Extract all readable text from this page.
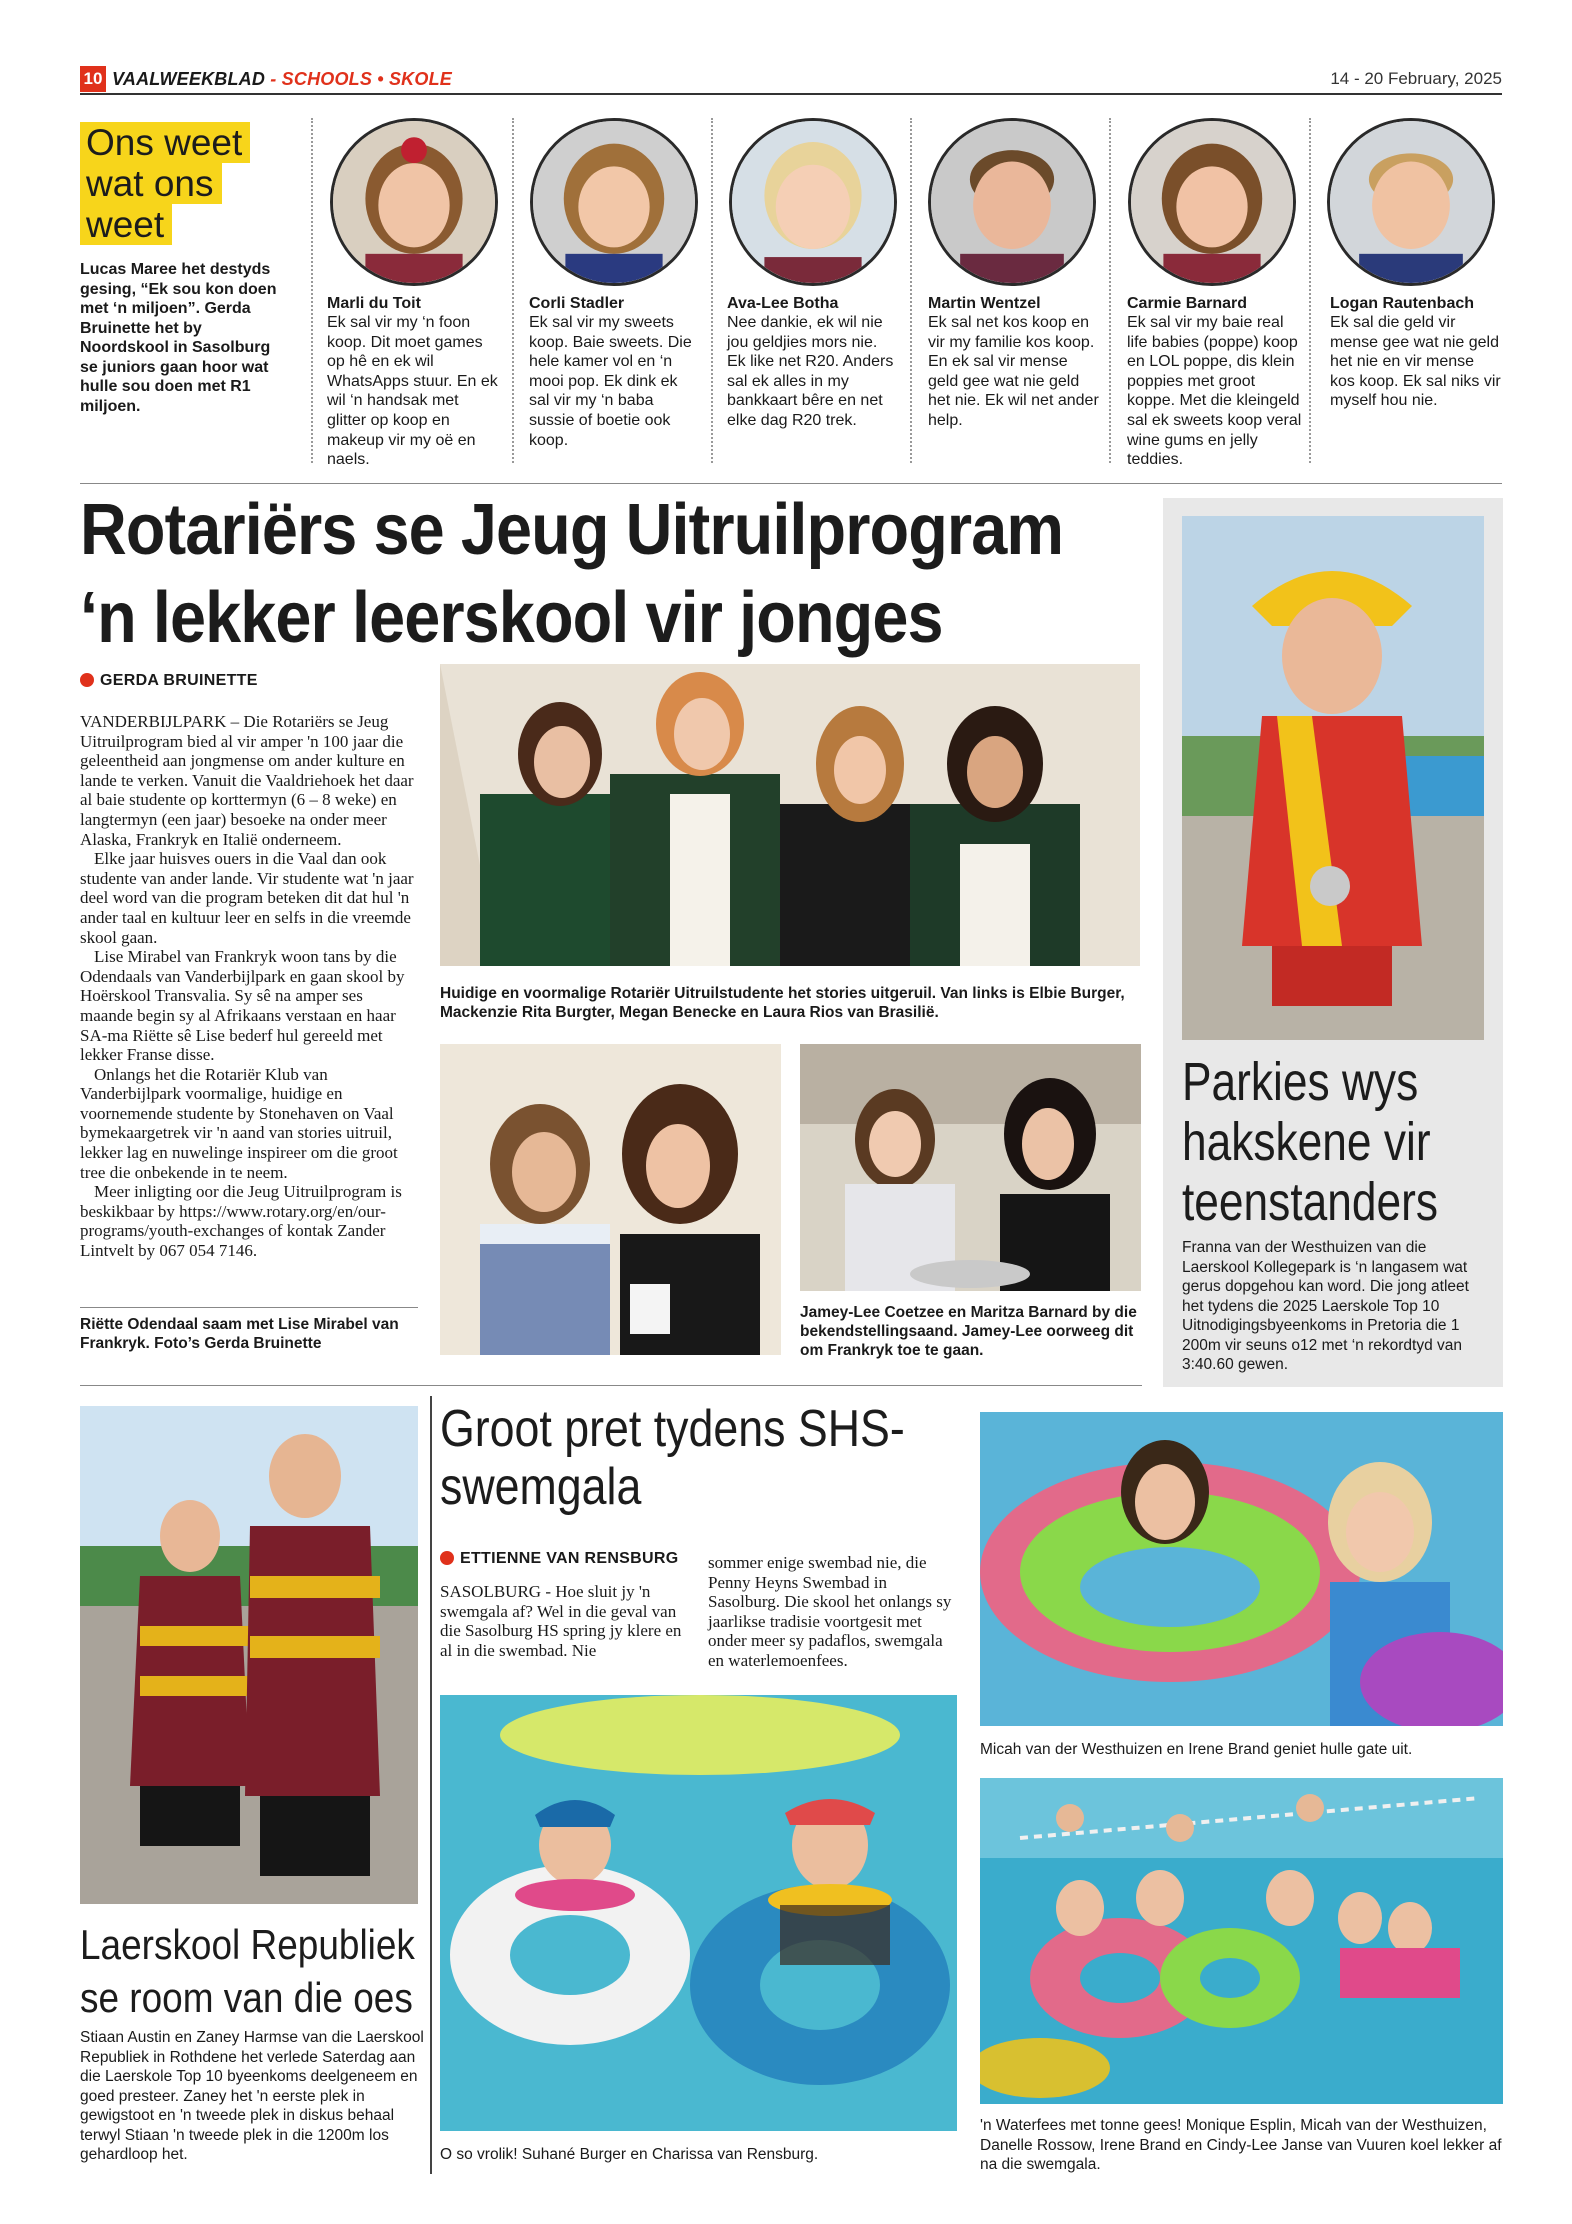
10 VAALWEEKBLAD - SCHOOLS • SKOLE	14 - 20 February, 2025
Ons weet
wat ons
weet
Lucas Maree het destyds gesing, “Ek sou kon doen met ‘n miljoen”. Gerda Bruinette het by Noordskool in Sasolburg se juniors gaan hoor wat hulle sou doen met R1 miljoen.
Marli du Toit
Ek sal vir my ‘n foon koop. Dit moet games op hê en ek wil WhatsApps stuur. En ek wil ‘n handsak met glitter op koop en makeup vir my oë en naels.
Corli Stadler
Ek sal vir my sweets koop. Baie sweets. Die hele kamer vol en ‘n mooi pop. Ek dink ek sal vir my ‘n baba sussie of boetie ook koop.
Ava-Lee Botha
Nee dankie, ek wil nie jou geldjies mors nie. Ek like net R20. Anders sal ek alles in my bankkaart bêre en net elke dag R20 trek.
Martin Wentzel
Ek sal net kos koop en vir my familie kos koop. En ek sal vir mense geld gee wat nie geld het nie. Ek wil net ander help.
Carmie Barnard
Ek sal vir my baie real life babies (poppe) koop en LOL poppe, dis klein poppies met groot koppe. Met die kleingeld sal ek sweets koop veral wine gums en jelly teddies.
Logan Rautenbach
Ek sal die geld vir mense gee wat nie geld het nie en vir mense kos koop. Ek sal niks vir myself hou nie.
Rotariërs se Jeug Uitruilprogram
‘n lekker leerskool vir jonges
GERDA BRUINETTE

VANDERBIJLPARK – Die Rotariërs se Jeug Uitruilprogram bied al vir amper 'n 100 jaar die geleentheid aan jongmense om ander kulture en lande te verken. Vanuit die Vaaldriehoek het daar al baie studente op korttermyn (6 – 8 weke) en langtermyn (een jaar) besoeke na onder meer Alaska, Frankryk en Italië onderneem.

Elke jaar huisves ouers in die Vaal dan ook studente van ander lande. Vir studente wat 'n jaar deel word van die program beteken dit dat hul 'n ander taal en kultuur leer en selfs in die vreemde skool gaan.

Lise Mirabel van Frankryk woon tans by die Odendaals van Vanderbijlpark en gaan skool by Hoërskool Transvalia. Sy sê na amper ses maande begin sy al Afrikaans verstaan en haar SA-ma Riëtte sê Lise bederf hul gereeld met lekker Franse disse.

Onlangs het die Rotariër Klub van Vanderbijlpark voormalige, huidige en voornemende studente by Stonehaven on Vaal bymekaargetrek vir 'n aand van stories uitruil, lekker lag en nuwelinge inspireer om die groot tree die onbekende in te neem.

Meer inligting oor die Jeug Uitruilprogram is beskikbaar by https://www.rotary.org/en/our-programs/youth-exchanges of kontak Zander Lintvelt by 067 054 7146.

Riëtte Odendaal saam met Lise Mirabel van Frankryk. Foto’s Gerda Bruinette
Huidige en voormalige Rotariër Uitruilstudente het stories uitgeruil. Van links is Elbie Burger, Mackenzie Rita Burgter, Megan Benecke en Laura Rios van Brasilië.
Jamey-Lee Coetzee en Maritza Barnard by die bekendstellingsaand. Jamey-Lee oorweeg dit om Frankryk toe te gaan.
Parkies wys
hakskene vir
teenstanders
Franna van der Westhuizen van die Laerskool Kollegepark is ‘n langasem wat gerus dopgehou kan word. Die jong atleet het tydens die 2025 Laerskole Top 10 Uitnodigingsbyeenkoms in Pretoria die 1 200m vir seuns o12 met ‘n rekordtyd van 3:40.60 gewen.
Laerskool Republiek
se room van die oes
Stiaan Austin en Zaney Harmse van die Laerskool Republiek in Rothdene het verlede Saterdag aan die Laerskole Top 10 byeenkoms deelgeneem en goed presteer. Zaney het 'n eerste plek in gewigstoot en 'n tweede plek in diskus behaal terwyl Stiaan 'n tweede plek in die 1200m los gehardloop het.
Groot pret tydens SHS-
swemgala
ETTIENNE VAN RENSBURG
SASOLBURG - Hoe sluit jy 'n swemgala af? Wel in die geval van die Sasolburg HS spring jy klere en al in die swembad. Nie
sommer enige swembad nie, die Penny Heyns Swembad in Sasolburg. Die skool het onlangs sy jaarlikse tradisie voortgesit met onder meer sy padaflos, swemgala en waterlemoenfees.
O so vrolik! Suhané Burger en Charissa van Rensburg.
Micah van der Westhuizen en Irene Brand geniet hulle gate uit.
'n Waterfees met tonne gees! Monique Esplin, Micah van der Westhuizen, Danelle Rossow, Irene Brand en Cindy-Lee Janse van Vuuren koel lekker af na die swemgala.
